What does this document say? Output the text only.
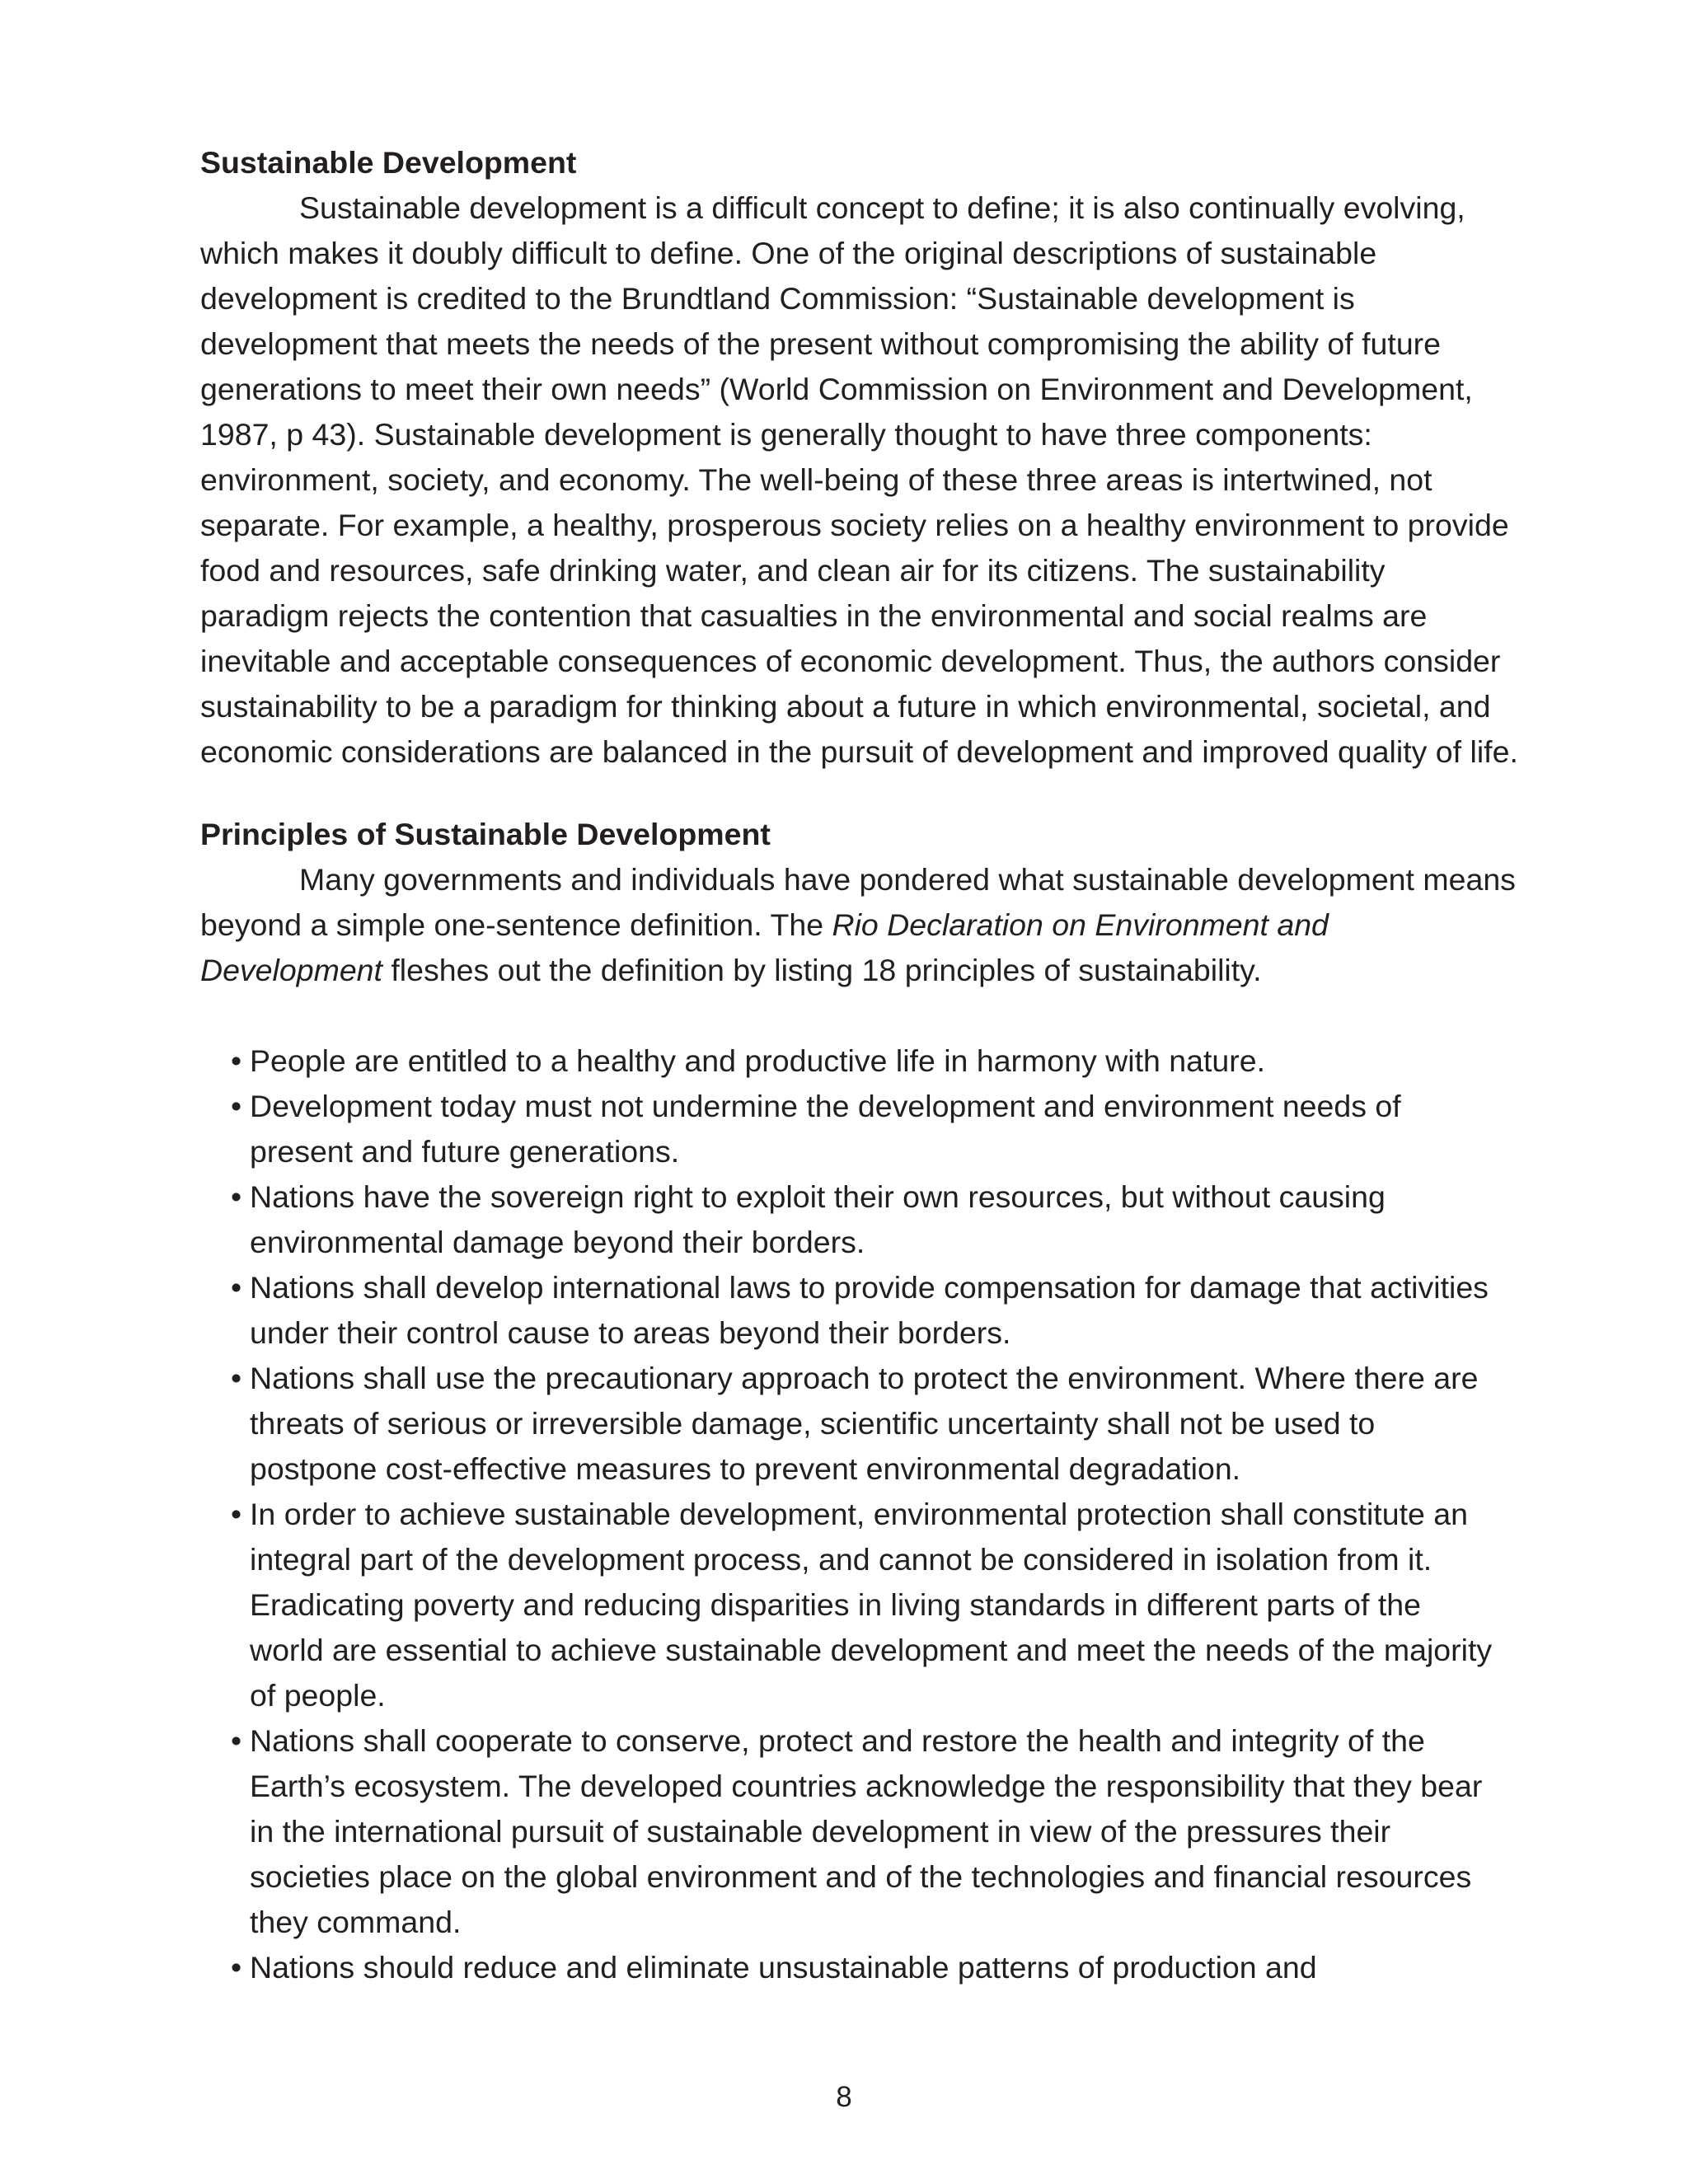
Sustainable Development

Sustainable development is a difficult concept to define; it is also continually evolving, which makes it doubly difficult to define. One of the original descriptions of sustainable development is credited to the Brundtland Commission: “Sustainable development is development that meets the needs of the present without compromising the ability of future generations to meet their own needs” (World Commission on Environment and Development, 1987, p 43). Sustainable development is generally thought to have three components: environment, society, and economy. The well-being of these three areas is intertwined, not separate. For example, a healthy, prosperous society relies on a healthy environment to provide food and resources, safe drinking water, and clean air for its citizens. The sustainability paradigm rejects the contention that casualties in the environmental and social realms are inevitable and acceptable consequences of economic development. Thus, the authors consider sustainability to be a paradigm for thinking about a future in which environmental, societal, and economic considerations are balanced in the pursuit of development and improved quality of life.

Principles of Sustainable Development

Many governments and individuals have pondered what sustainable development means beyond a simple one-sentence definition. The Rio Declaration on Environment and Development fleshes out the definition by listing 18 principles of sustainability.

• People are entitled to a healthy and productive life in harmony with nature.
• Development today must not undermine the development and environment needs of present and future generations.
• Nations have the sovereign right to exploit their own resources, but without causing environmental damage beyond their borders.
• Nations shall develop international laws to provide compensation for damage that activities under their control cause to areas beyond their borders.
• Nations shall use the precautionary approach to protect the environment. Where there are threats of serious or irreversible damage, scientific uncertainty shall not be used to postpone cost-effective measures to prevent environmental degradation.
• In order to achieve sustainable development, environmental protection shall constitute an integral part of the development process, and cannot be considered in isolation from it. Eradicating poverty and reducing disparities in living standards in different parts of the world are essential to achieve sustainable development and meet the needs of the majority of people.
• Nations shall cooperate to conserve, protect and restore the health and integrity of the Earth’s ecosystem. The developed countries acknowledge the responsibility that they bear in the international pursuit of sustainable development in view of the pressures their societies place on the global environment and of the technologies and financial resources they command.
• Nations should reduce and eliminate unsustainable patterns of production and
8
